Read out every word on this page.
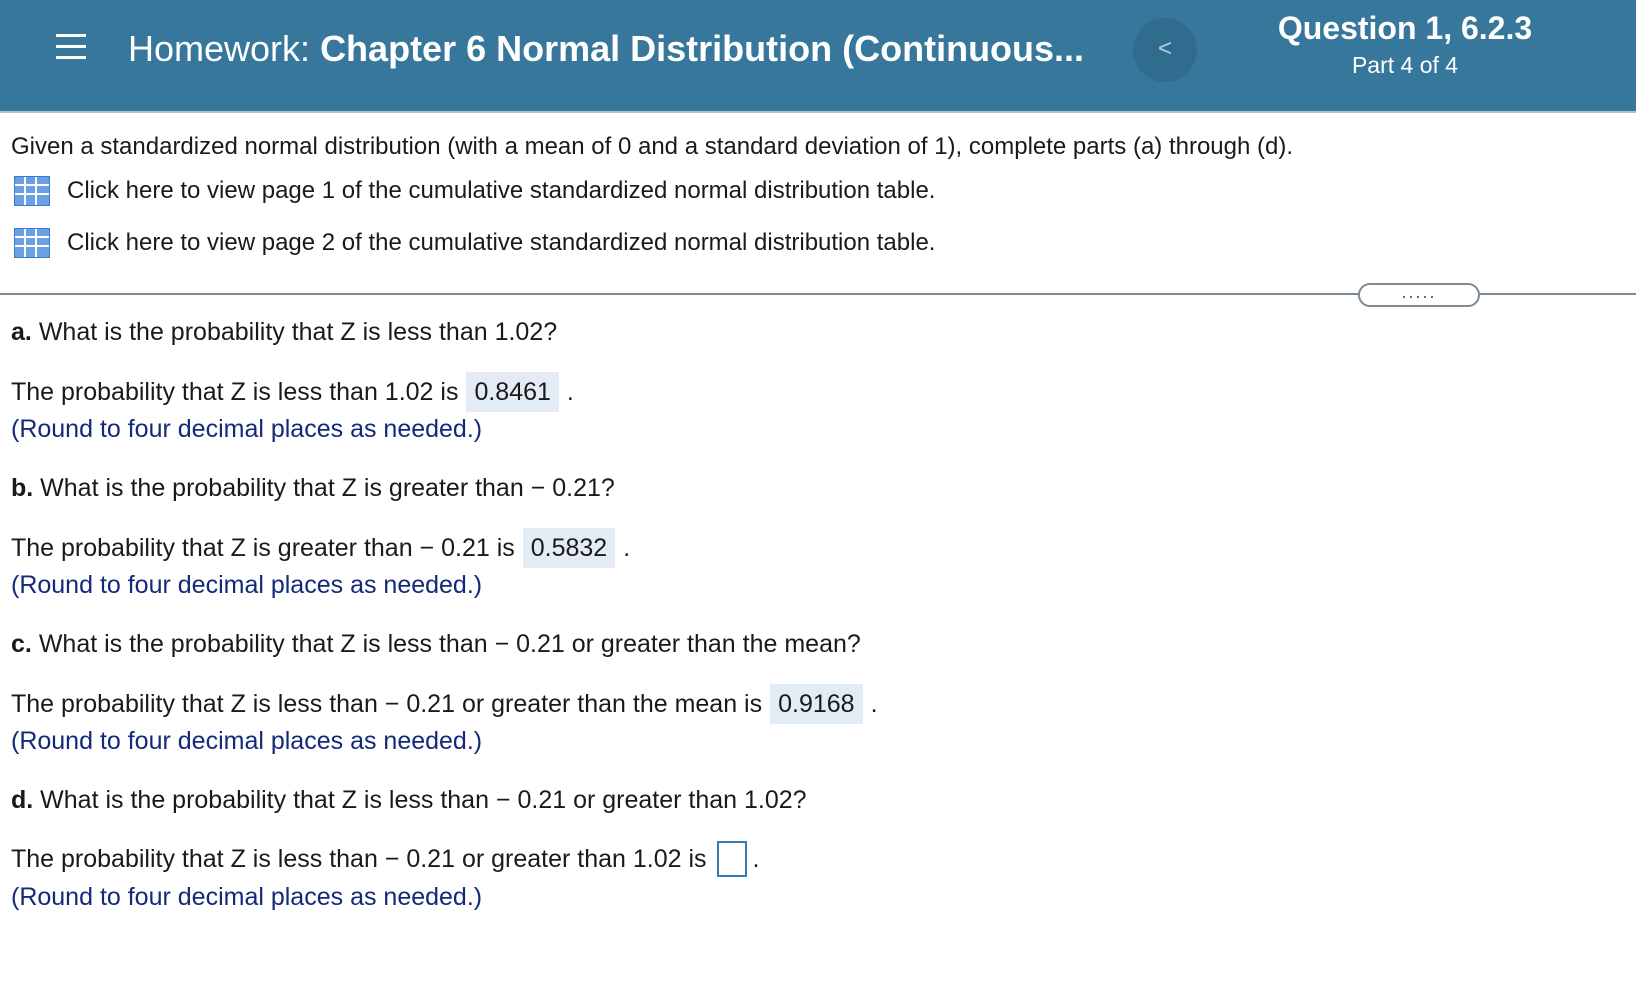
Homework: Chapter 6 Normal Distribution (Continuous...	<
Question 1, 6.2.3
Part 4 of 4
Given a standardized normal distribution (with a mean of 0 and a standard deviation of 1), complete parts (a) through (d).
Click here to view page 1 of the cumulative standardized normal distribution table.
Click here to view page 2 of the cumulative standardized normal distribution table.
.....
a. What is the probability that Z is less than 1.02?
The probability that Z is less than 1.02 is 0.8461 .
(Round to four decimal places as needed.)
b. What is the probability that Z is greater than − 0.21?
The probability that Z is greater than − 0.21 is 0.5832 .
(Round to four decimal places as needed.)
c. What is the probability that Z is less than − 0.21 or greater than the mean?
The probability that Z is less than − 0.21 or greater than the mean is 0.9168 .
(Round to four decimal places as needed.)
d. What is the probability that Z is less than − 0.21 or greater than 1.02?
The probability that Z is less than − 0.21 or greater than 1.02 is .
(Round to four decimal places as needed.)
